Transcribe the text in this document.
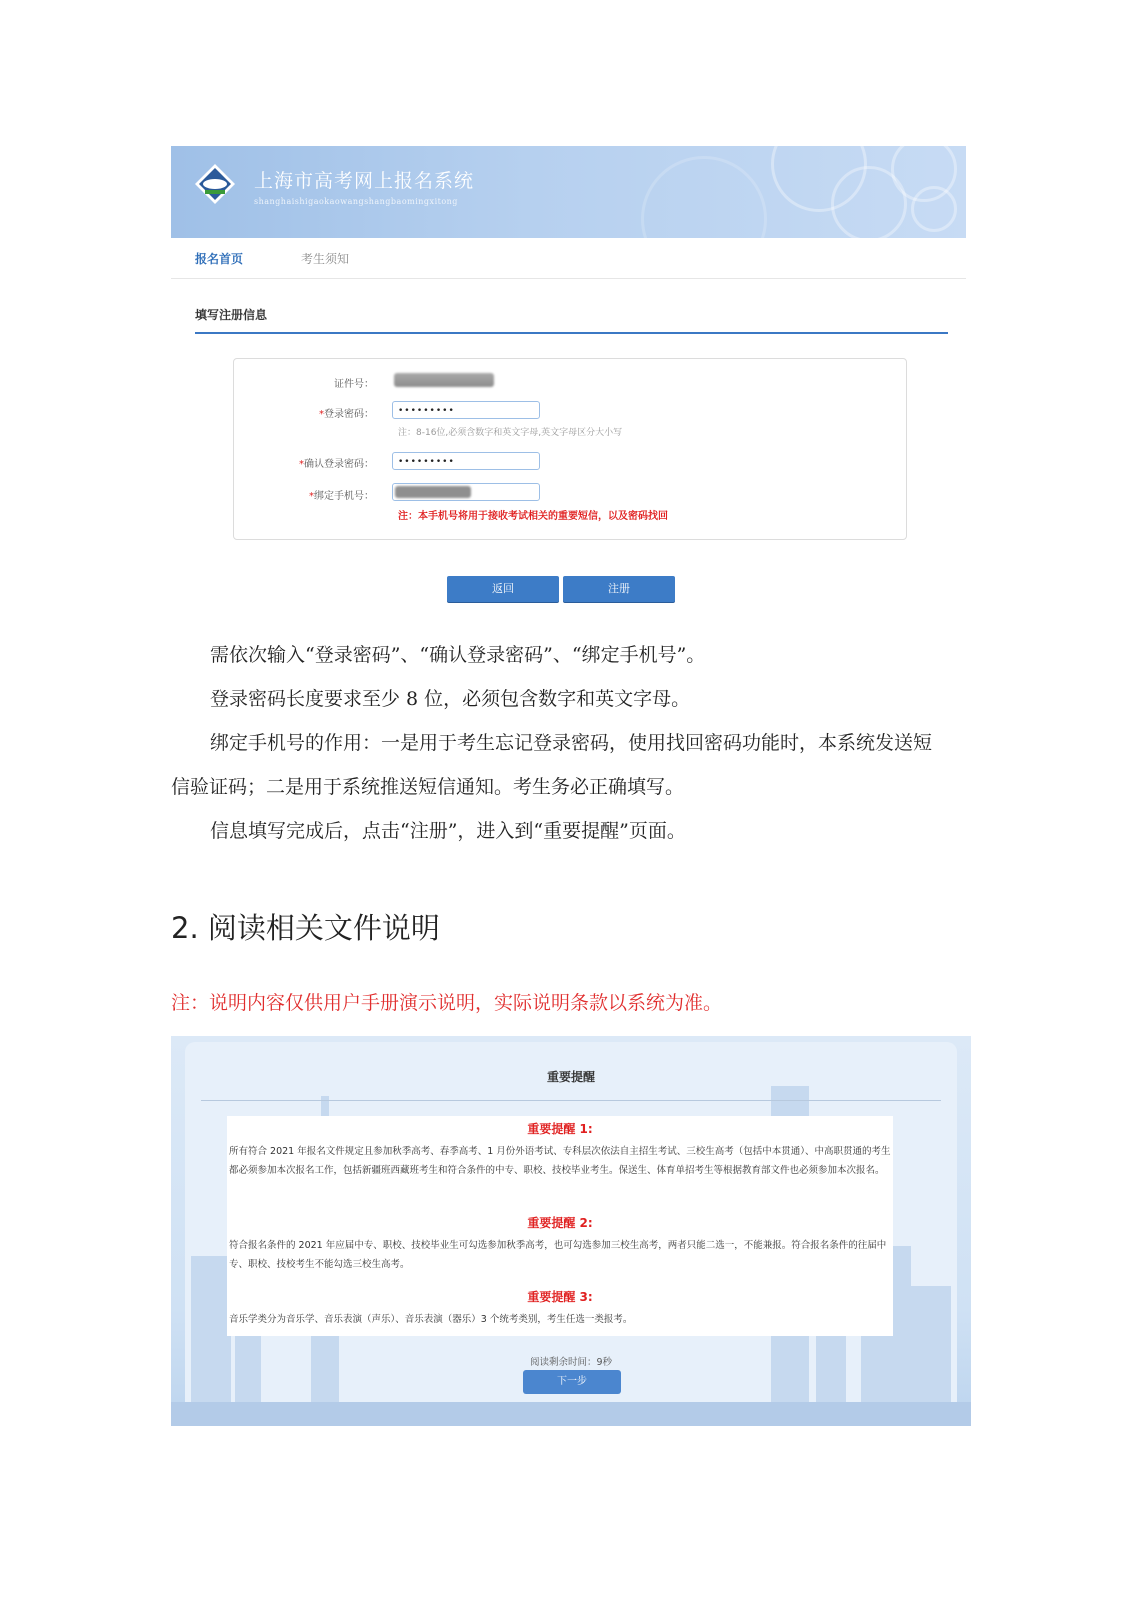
上海市高考网上报名系统
shanghaishigaokaowangshangbaomingxitong
报名首页	考生须知
填写注册信息
证件号：
*登录密码：	•••••••••
注：8-16位,必须含数字和英文字母,英文字母区分大小写
*确认登录密码：	•••••••••
*绑定手机号：
注：本手机号将用于接收考试相关的重要短信，以及密码找回
返回	注册
需依次输入“登录密码”、“确认登录密码”、“绑定手机号”。
登录密码长度要求至少 8 位，必须包含数字和英文字母。
绑定手机号的作用：一是用于考生忘记登录密码，使用找回密码功能时，本系统发送短
信验证码；二是用于系统推送短信通知。考生务必正确填写。
信息填写完成后，点击“注册”，进入到“重要提醒”页面。
2. 阅读相关文件说明
注：说明内容仅供用户手册演示说明，实际说明条款以系统为准。
重要提醒
重要提醒 1:
所有符合 2021 年报名文件规定且参加秋季高考、春季高考、1 月份外语考试、专科层次依法自主招生考试、三校生高考（包括中本贯通）、中高职贯通的考生都必须参加本次报名工作，包括新疆班西藏班考生和符合条件的中专、职校、技校毕业考生。保送生、体育单招考生等根据教育部文件也必须参加本次报名。
重要提醒 2:
符合报名条件的 2021 年应届中专、职校、技校毕业生可勾选参加秋季高考，也可勾选参加三校生高考，两者只能二选一，不能兼报。符合报名条件的往届中专、职校、技校考生不能勾选三校生高考。
重要提醒 3:
音乐学类分为音乐学、音乐表演（声乐）、音乐表演（器乐）3 个统考类别，考生任选一类报考。
阅读剩余时间：9秒
下一步
